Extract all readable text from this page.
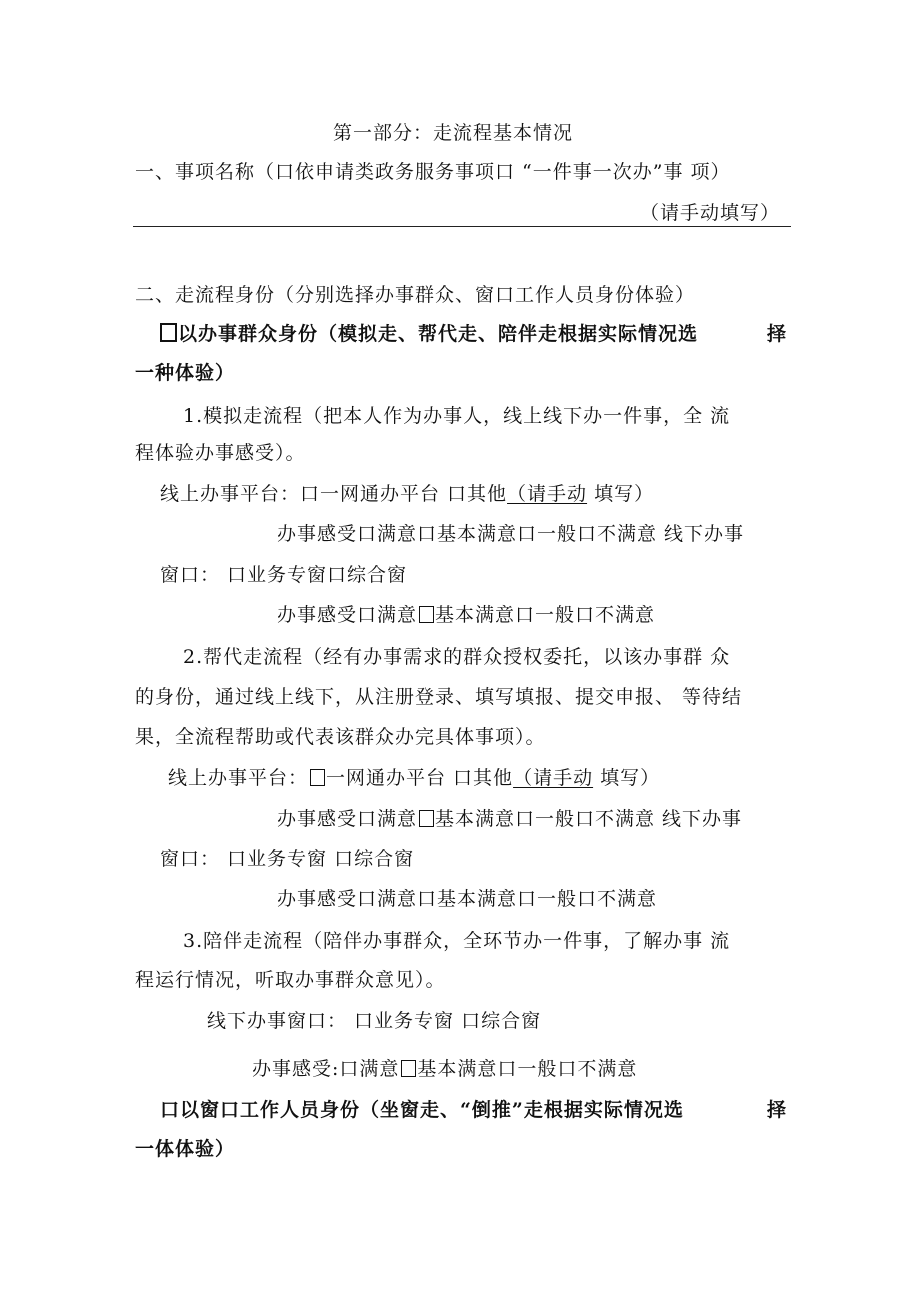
第一部分：走流程基本情况
一、事项名称（口依申请类政务服务事项口 “一件事一次办”事 项）
（请手动填写）
二、走流程身份（分别选择办事群众、窗口工作人员身份体验）
以办事群众身份（模拟走、帮代走、陪伴走根据实际情况选	择
一种体验）
1.模拟走流程（把本人作为办事人，线上线下办一件事，全 流
程体验办事感受）。
线上办事平台：口一网通办平台 口其他（请手动 填写）
办事感受口满意口基本满意口一般口不满意 线下办事
窗口： 口业务专窗口综合窗
办事感受口满意 基本满意口一般口不满意
2.帮代走流程（经有办事需求的群众授权委托，以该办事群 众
的身份，通过线上线下，从注册登录、填写填报、提交申报、 等待结
果，全流程帮助或代表该群众办完具体事项）。
线上办事平台： 一网通办平台 口其他（请手动 填写）
办事感受口满意 基本满意口一般口不满意 线下办事
窗口： 口业务专窗 口综合窗
办事感受口满意口基本满意口一般口不满意
3.陪伴走流程（陪伴办事群众，全环节办一件事，了解办事 流
程运行情况，听取办事群众意见）。
线下办事窗口： 口业务专窗 口综合窗
办事感受:口满意 基本满意口一般口不满意
口以窗口工作人员身份（坐窗走、“倒推”走根据实际情况选	择
一体体验）
